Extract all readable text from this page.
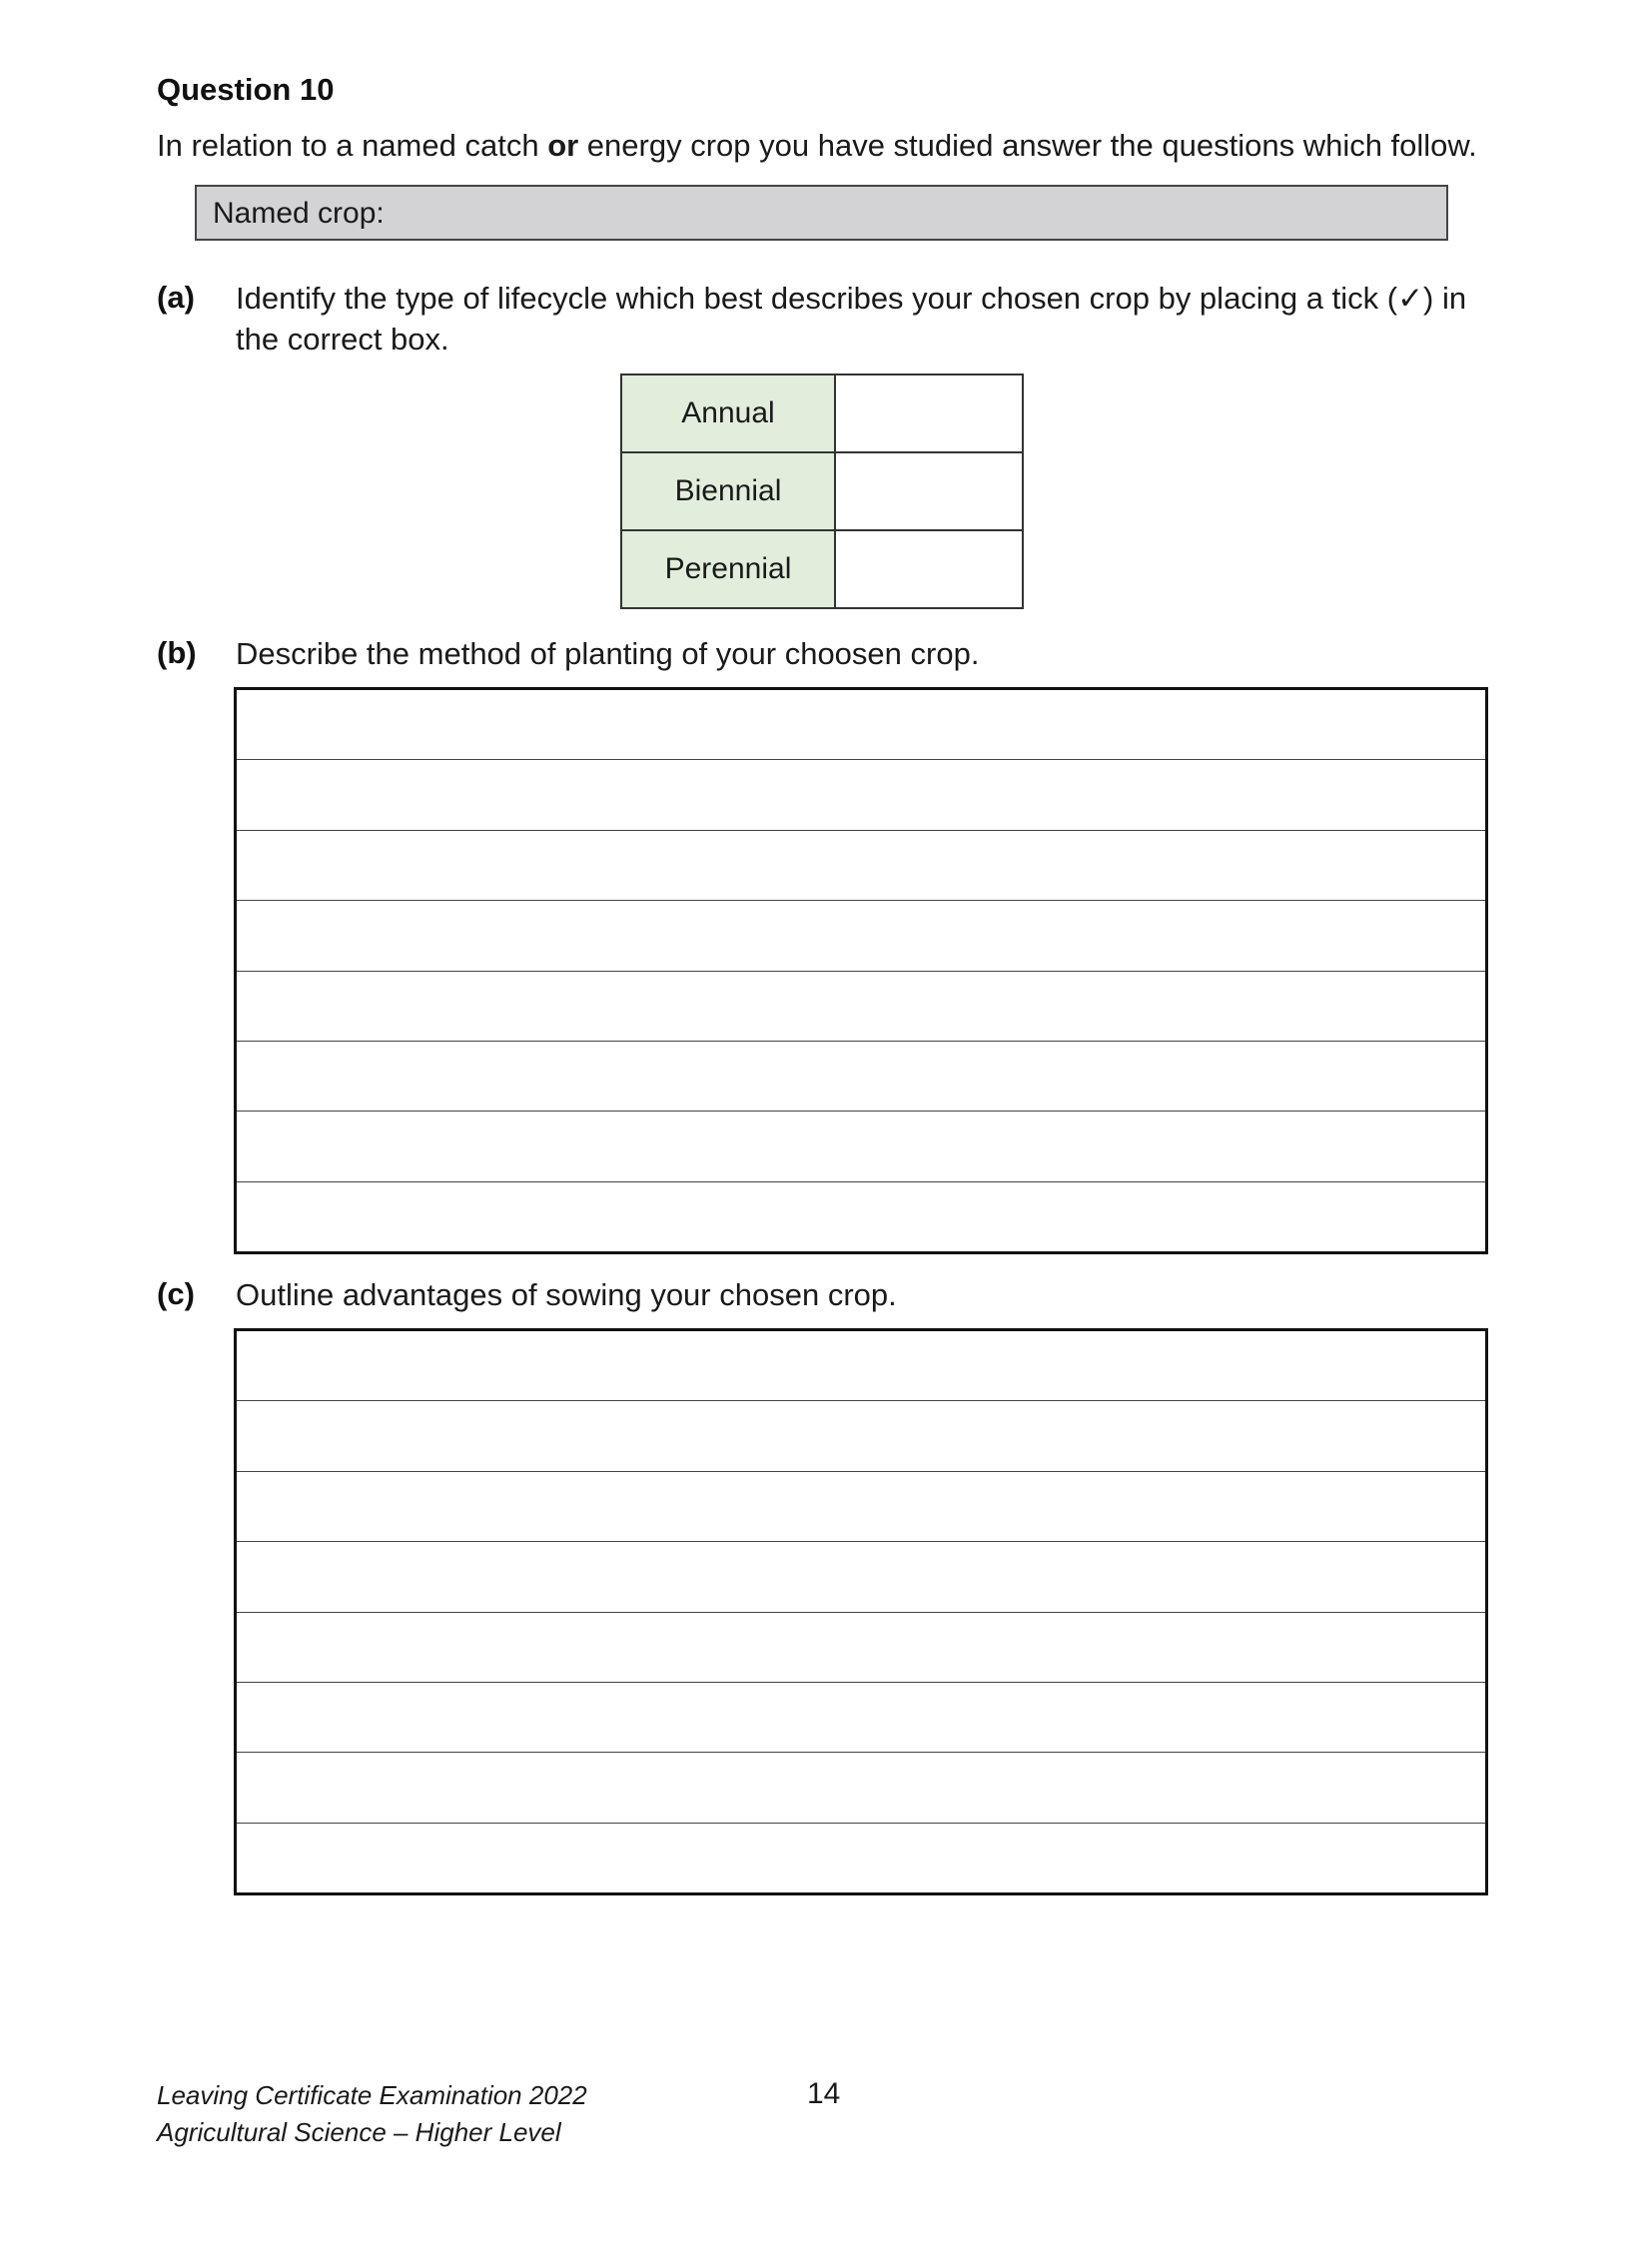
Question 10
In relation to a named catch or energy crop you have studied answer the questions which follow.
Named crop:
(a) Identify the type of lifecycle which best describes your chosen crop by placing a tick (✓) in
the correct box.
Annual	
Biennial	
Perennial	
(b) Describe the method of planting of your choosen crop.
(c) Outline advantages of sowing your chosen crop.
Leaving Certificate Examination 2022
Agricultural Science – Higher Level
14
